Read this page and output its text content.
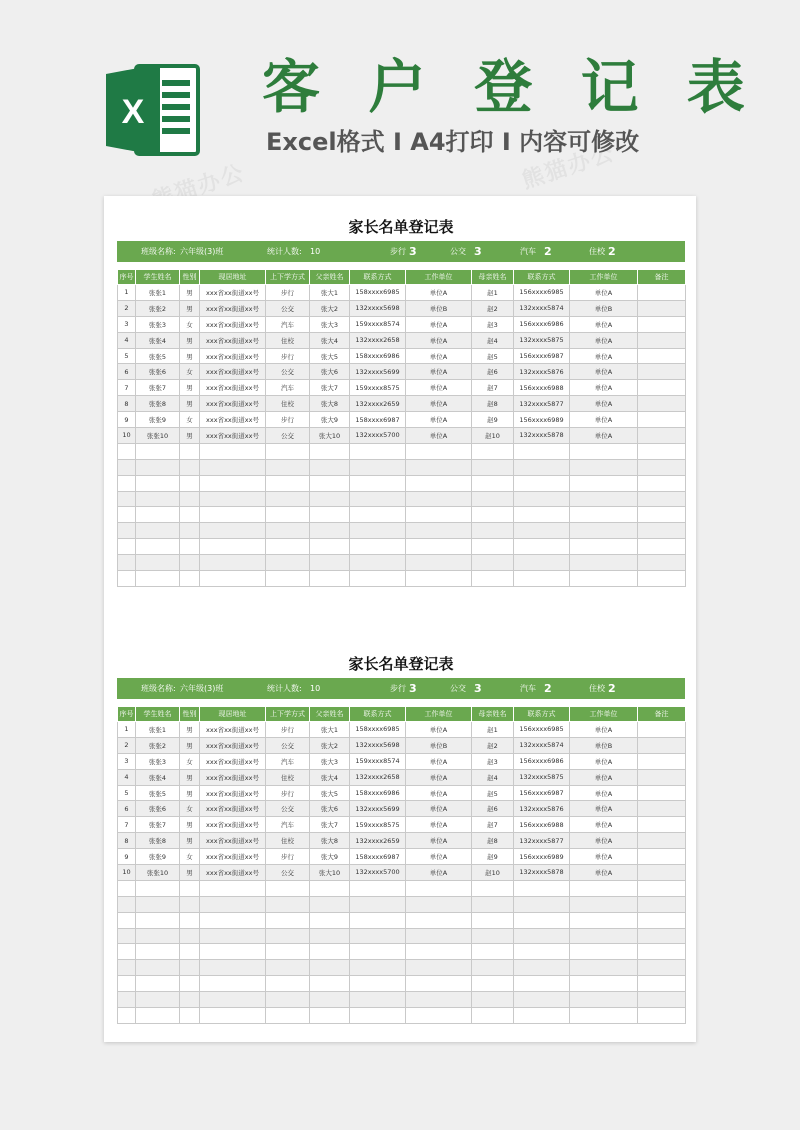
X 客 户 登 记 表
Excel格式 I A4打印 I 内容可修改
熊猫办公	熊猫办公
家长名单登记表
班级名称: 六年级(3)班	统计人数: 10	步行 3	公交 3	汽车 2	住校 2
序号	学生姓名	性别	现居地址	上下学方式	父亲姓名	联系方式	工作单位	母亲姓名	联系方式	工作单位	备注
1	张张1	男	xxx省xx街道xx号	步行	张大1	158xxxx6985	单位A	赵1	156xxxx6985	单位A	
2	张张2	男	xxx省xx街道xx号	公交	张大2	132xxxx5698	单位B	赵2	132xxxx5874	单位B	
3	张张3	女	xxx省xx街道xx号	汽车	张大3	159xxxx8574	单位A	赵3	156xxxx6986	单位A	
4	张张4	男	xxx省xx街道xx号	住校	张大4	132xxxx2658	单位A	赵4	132xxxx5875	单位A	
5	张张5	男	xxx省xx街道xx号	步行	张大5	158xxxx6986	单位A	赵5	156xxxx6987	单位A	
6	张张6	女	xxx省xx街道xx号	公交	张大6	132xxxx5699	单位A	赵6	132xxxx5876	单位A	
7	张张7	男	xxx省xx街道xx号	汽车	张大7	159xxxx8575	单位A	赵7	156xxxx6988	单位A	
8	张张8	男	xxx省xx街道xx号	住校	张大8	132xxxx2659	单位A	赵8	132xxxx5877	单位A	
9	张张9	女	xxx省xx街道xx号	步行	张大9	158xxxx6987	单位A	赵9	156xxxx6989	单位A	
10	张张10	男	xxx省xx街道xx号	公交	张大10	132xxxx5700	单位A	赵10	132xxxx5878	单位A	

家长名单登记表
班级名称: 六年级(3)班	统计人数: 10	步行 3	公交 3	汽车 2	住校 2
序号	学生姓名	性别	现居地址	上下学方式	父亲姓名	联系方式	工作单位	母亲姓名	联系方式	工作单位	备注
1	张张1	男	xxx省xx街道xx号	步行	张大1	158xxxx6985	单位A	赵1	156xxxx6985	单位A	
2	张张2	男	xxx省xx街道xx号	公交	张大2	132xxxx5698	单位B	赵2	132xxxx5874	单位B	
3	张张3	女	xxx省xx街道xx号	汽车	张大3	159xxxx8574	单位A	赵3	156xxxx6986	单位A	
4	张张4	男	xxx省xx街道xx号	住校	张大4	132xxxx2658	单位A	赵4	132xxxx5875	单位A	
5	张张5	男	xxx省xx街道xx号	步行	张大5	158xxxx6986	单位A	赵5	156xxxx6987	单位A	
6	张张6	女	xxx省xx街道xx号	公交	张大6	132xxxx5699	单位A	赵6	132xxxx5876	单位A	
7	张张7	男	xxx省xx街道xx号	汽车	张大7	159xxxx8575	单位A	赵7	156xxxx6988	单位A	
8	张张8	男	xxx省xx街道xx号	住校	张大8	132xxxx2659	单位A	赵8	132xxxx5877	单位A	
9	张张9	女	xxx省xx街道xx号	步行	张大9	158xxxx6987	单位A	赵9	156xxxx6989	单位A	
10	张张10	男	xxx省xx街道xx号	公交	张大10	132xxxx5700	单位A	赵10	132xxxx5878	单位A	
